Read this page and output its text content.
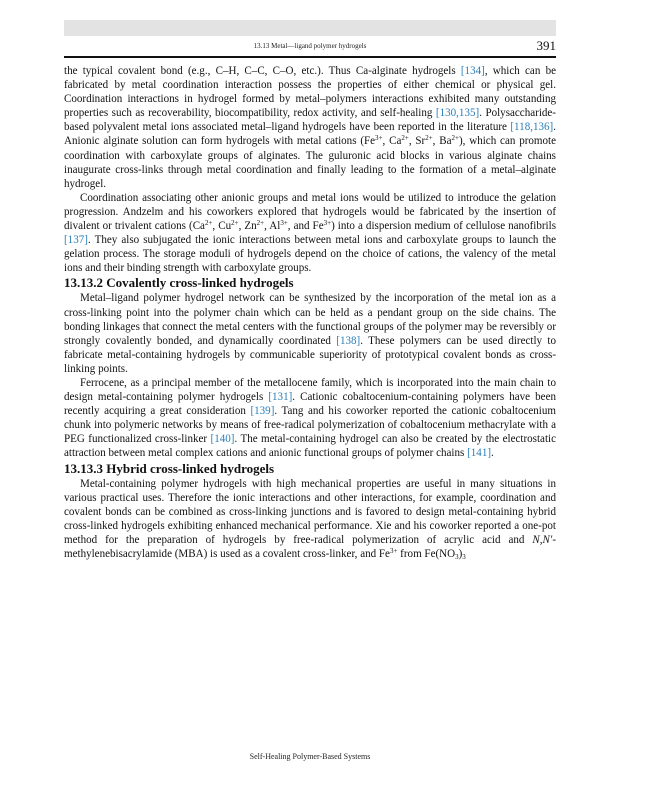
13.13 Metal—ligand polymer hydrogels	391

the typical covalent bond (e.g., C–H, C–C, C–O, etc.). Thus Ca-alginate hydrogels [134], which can be fabricated by metal coordination interaction possess the properties of either chemical or physical gel. Coordination interactions in hydrogel formed by metal–polymers interactions exhibited many outstanding properties such as recoverability, biocompatibility, redox activity, and self-healing [130,135]. Polysaccharide-based polyvalent metal ions associated metal–ligand hydrogels have been reported in the literature [118,136]. Anionic alginate solution can form hydrogels with metal cations ($Fe^{3+}$, $Ca^{2+}$, $Sr^{2+}$, $Ba^{2+}$), which can promote coordination with carboxylate groups of alginates. The guluronic acid blocks in various alginate chains inaugurate cross-links through metal coordination and finally leading to the formation of a metal–alginate hydrogel.

Coordination associating other anionic groups and metal ions would be utilized to introduce the gelation progression. Andzelm and his coworkers explored that hydrogels would be fabricated by the insertion of divalent or trivalent cations ($Ca^{2+}$, $Cu^{2+}$, $Zn^{2+}$, $Al^{3+}$, and $Fe^{3+}$) into a dispersion medium of cellulose nanofibrils [137]. They also subjugated the ionic interactions between metal ions and carboxylate groups to launch the gelation process. The storage moduli of hydrogels depend on the choice of cations, the valency of the metal ions and their binding strength with carboxylate groups.

13.13.2 Covalently cross-linked hydrogels

Metal–ligand polymer hydrogel network can be synthesized by the incorporation of the metal ion as a cross-linking point into the polymer chain which can be held as a pendant group on the side chains. The bonding linkages that connect the metal centers with the functional groups of the polymer may be reversibly or strongly covalently bonded, and dynamically coordinated [138]. These polymers can be used directly to fabricate metal-containing hydrogels by communicable superiority of prototypical covalent bonds as cross-linking points.

Ferrocene, as a principal member of the metallocene family, which is incorporated into the main chain to design metal-containing polymer hydrogels [131]. Cationic cobaltocenium-containing polymers have been recently acquiring a great consideration [139]. Tang and his coworker reported the cationic cobaltocenium chunk into polymeric networks by means of free-radical polymerization of cobaltocenium methacrylate with a PEG functionalized cross-linker [140]. The metal-containing hydrogel can also be created by the electrostatic attraction between metal complex cations and anionic functional groups of polymer chains [141].

13.13.3 Hybrid cross-linked hydrogels

Metal-containing polymer hydrogels with high mechanical properties are useful in many situations in various practical uses. Therefore the ionic interactions and other interactions, for example, coordination and covalent bonds can be combined as cross-linking junctions and is favored to design metal-containing hybrid cross-linked hydrogels exhibiting enhanced mechanical performance. Xie and his coworker reported a one-pot method for the preparation of hydrogels by free-radical polymerization of acrylic acid and N,N′-methylenebisacrylamide (MBA) is used as a covalent cross-linker, and $Fe^{3+}$ from $Fe(NO_3)_3$

Self-Healing Polymer-Based Systems
